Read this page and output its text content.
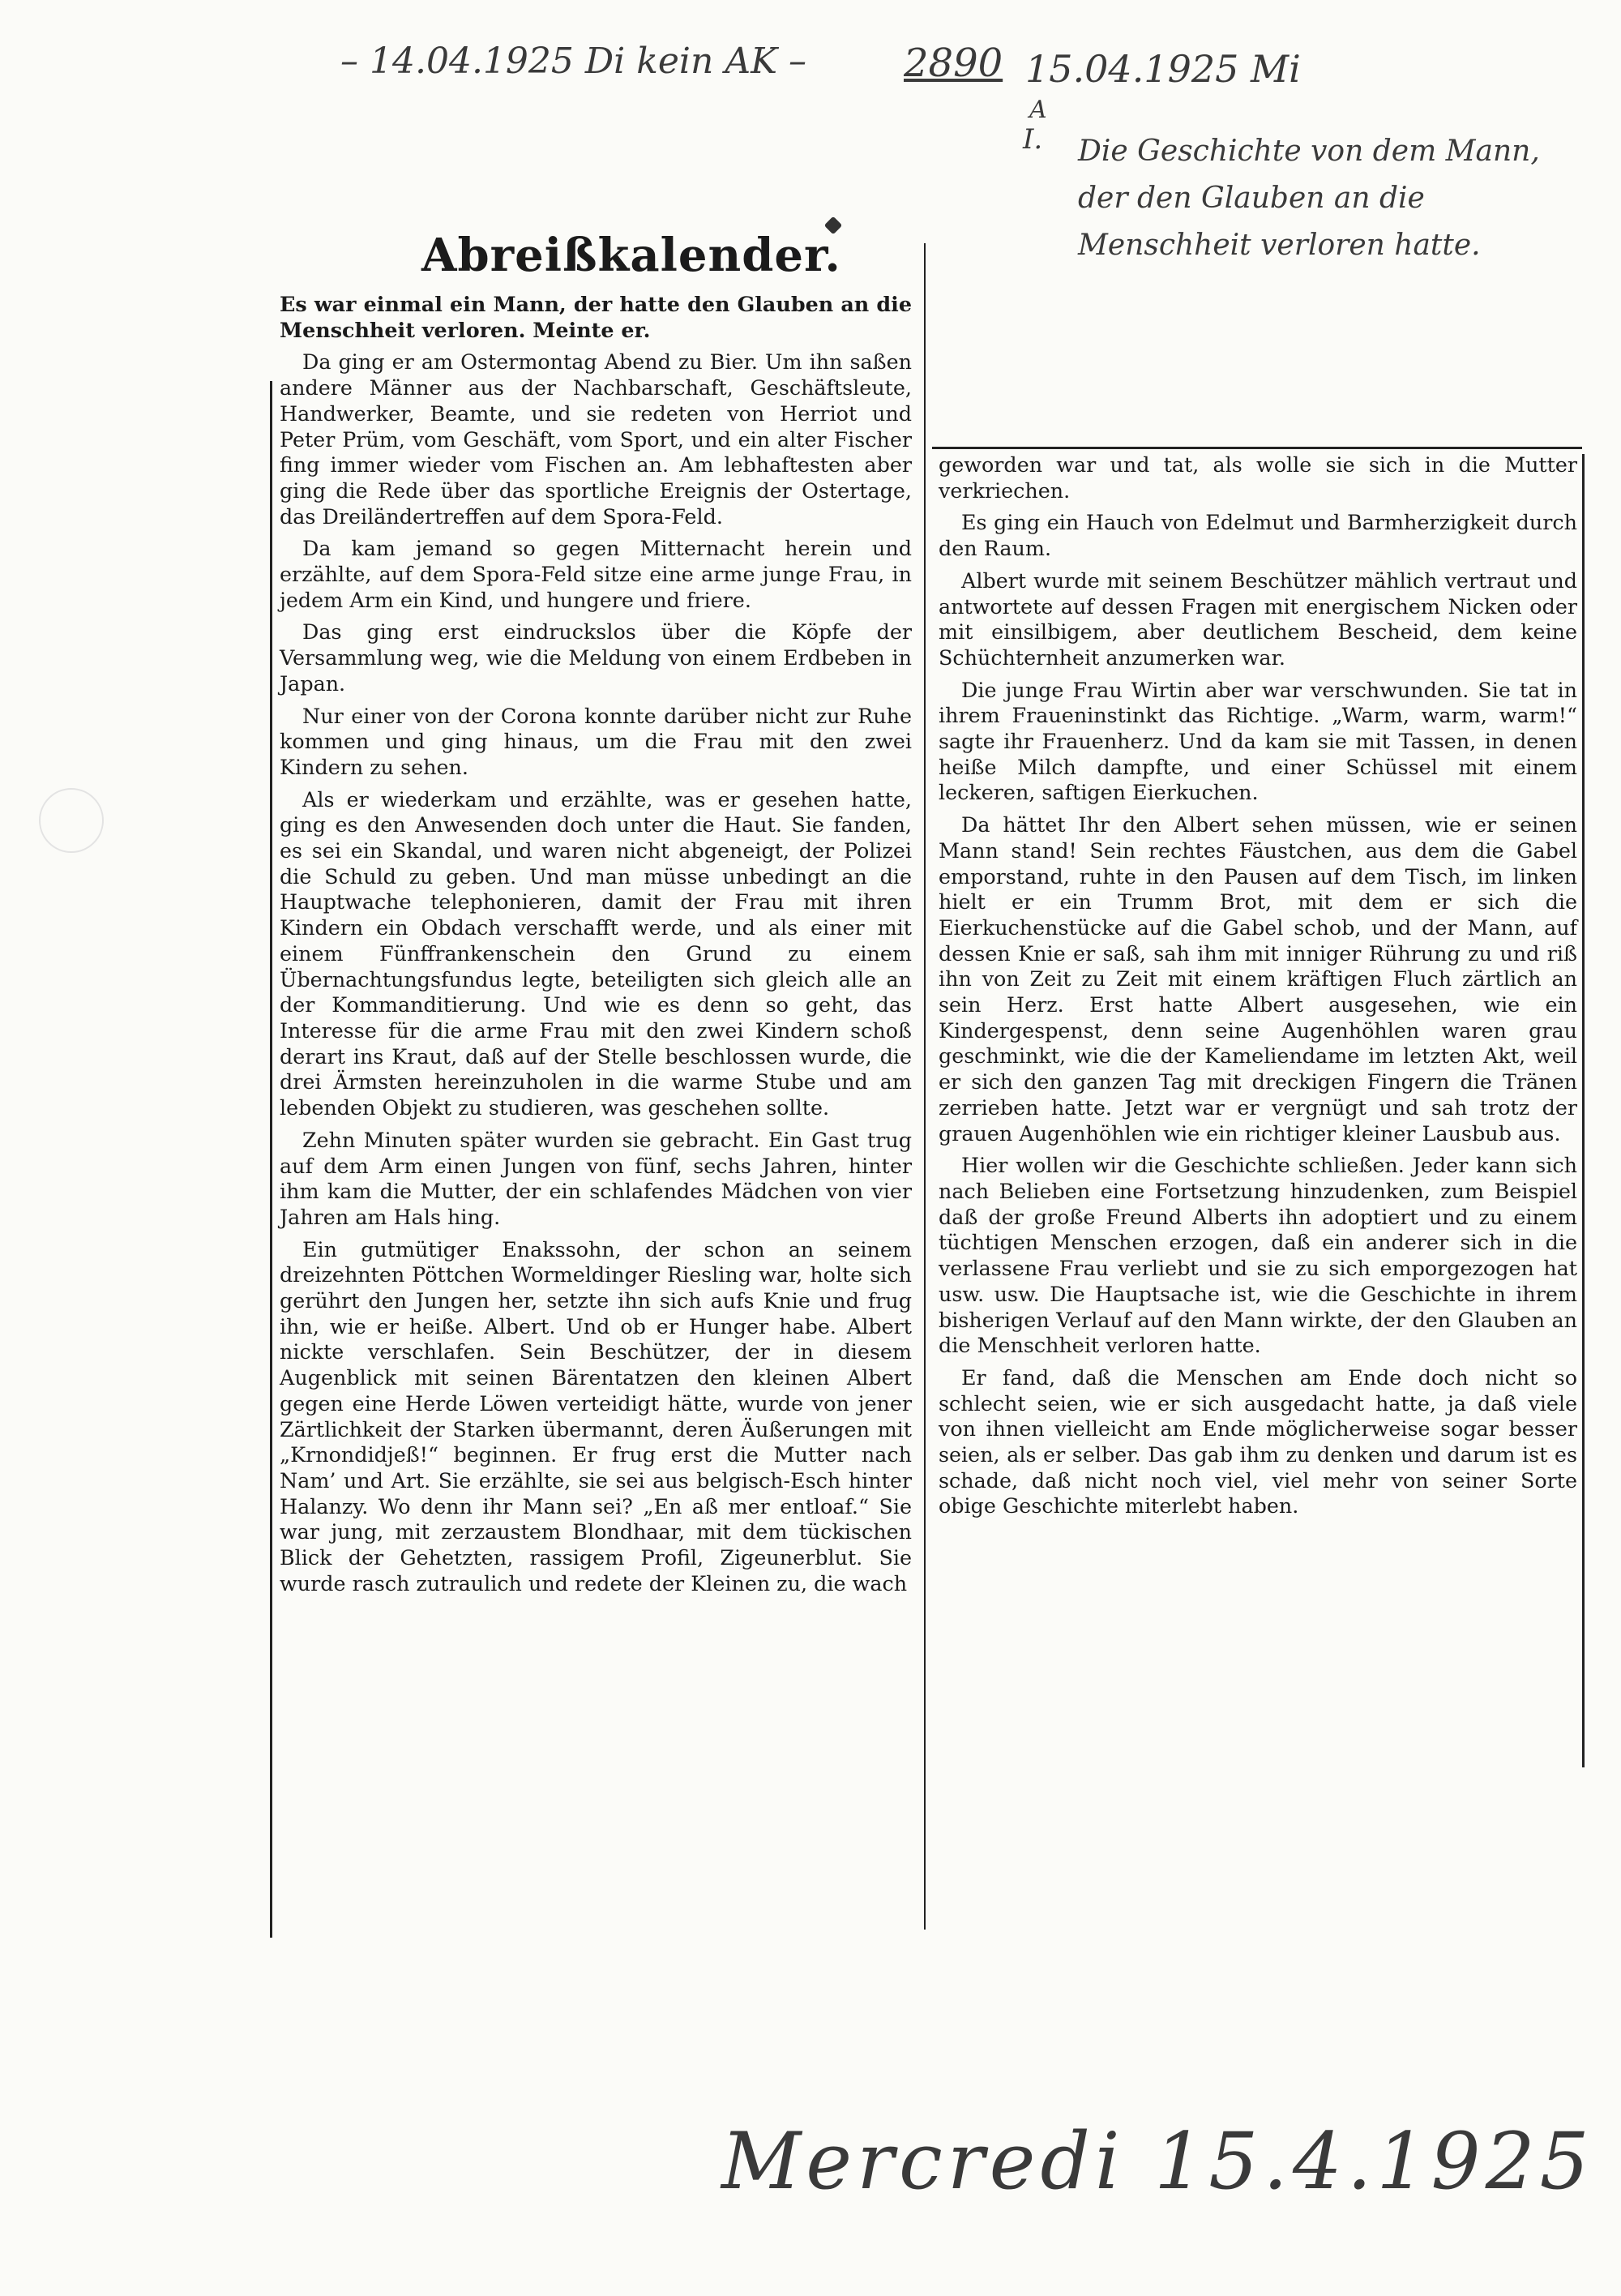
– 14.04.1925 Di kein AK –	2890 15.04.1925 Mi
A
I. Die Geschichte von dem Mann, der den Glauben an die Menschheit verloren hatte.
Mercredi 15.4.1925
Abreißkalender.

Es war einmal ein Mann, der hatte den Glauben an die Menschheit verloren. Meinte er.

Da ging er am Ostermontag Abend zu Bier. Um ihn saßen andere Männer aus der Nachbarschaft, Geschäftsleute, Handwerker, Beamte, und sie redeten von Herriot und Peter Prüm, vom Geschäft, vom Sport, und ein alter Fischer fing immer wieder vom Fischen an. Am lebhaftesten aber ging die Rede über das sportliche Ereignis der Ostertage, das Dreiländertreffen auf dem Spora-Feld.

Da kam jemand so gegen Mitternacht herein und erzählte, auf dem Spora-Feld sitze eine arme junge Frau, in jedem Arm ein Kind, und hungere und friere.

Das ging erst eindruckslos über die Köpfe der Versammlung weg, wie die Meldung von einem Erdbeben in Japan.

Nur einer von der Corona konnte darüber nicht zur Ruhe kommen und ging hinaus, um die Frau mit den zwei Kindern zu sehen.

Als er wiederkam und erzählte, was er gesehen hatte, ging es den Anwesenden doch unter die Haut. Sie fanden, es sei ein Skandal, und waren nicht abgeneigt, der Polizei die Schuld zu geben. Und man müsse unbedingt an die Hauptwache telephonieren, damit der Frau mit ihren Kindern ein Obdach verschafft werde, und als einer mit einem Fünffrankenschein den Grund zu einem Übernachtungsfundus legte, beteiligten sich gleich alle an der Kommanditierung. Und wie es denn so geht, das Interesse für die arme Frau mit den zwei Kindern schoß derart ins Kraut, daß auf der Stelle beschlossen wurde, die drei Ärmsten hereinzuholen in die warme Stube und am lebenden Objekt zu studieren, was geschehen sollte.

Zehn Minuten später wurden sie gebracht. Ein Gast trug auf dem Arm einen Jungen von fünf, sechs Jahren, hinter ihm kam die Mutter, der ein schlafendes Mädchen von vier Jahren am Hals hing.

Ein gutmütiger Enakssohn, der schon an seinem dreizehnten Pöttchen Wormeldinger Riesling war, holte sich gerührt den Jungen her, setzte ihn sich aufs Knie und frug ihn, wie er heiße. Albert. Und ob er Hunger habe. Albert nickte verschlafen. Sein Beschützer, der in diesem Augenblick mit seinen Bärentatzen den kleinen Albert gegen eine Herde Löwen verteidigt hätte, wurde von jener Zärtlichkeit der Starken übermannt, deren Äußerungen mit „Krnondidjeß!“ beginnen. Er frug erst die Mutter nach Nam’ und Art. Sie erzählte, sie sei aus belgisch-Esch hinter Halanzy. Wo denn ihr Mann sei? „En aß mer entloaf.“ Sie war jung, mit zerzaustem Blondhaar, mit dem tückischen Blick der Gehetzten, rassigem Profil, Zigeunerblut. Sie wurde rasch zutraulich und redete der Kleinen zu, die wach

geworden war und tat, als wolle sie sich in die Mutter verkriechen.

Es ging ein Hauch von Edelmut und Barmherzigkeit durch den Raum.

Albert wurde mit seinem Beschützer mählich vertraut und antwortete auf dessen Fragen mit energischem Nicken oder mit einsilbigem, aber deutlichem Bescheid, dem keine Schüchternheit anzumerken war.

Die junge Frau Wirtin aber war verschwunden. Sie tat in ihrem Fraueninstinkt das Richtige. „Warm, warm, warm!“ sagte ihr Frauenherz. Und da kam sie mit Tassen, in denen heiße Milch dampfte, und einer Schüssel mit einem leckeren, saftigen Eierkuchen.

Da hättet Ihr den Albert sehen müssen, wie er seinen Mann stand! Sein rechtes Fäustchen, aus dem die Gabel emporstand, ruhte in den Pausen auf dem Tisch, im linken hielt er ein Trumm Brot, mit dem er sich die Eierkuchenstücke auf die Gabel schob, und der Mann, auf dessen Knie er saß, sah ihm mit inniger Rührung zu und riß ihn von Zeit zu Zeit mit einem kräftigen Fluch zärtlich an sein Herz. Erst hatte Albert ausgesehen, wie ein Kindergespenst, denn seine Augenhöhlen waren grau geschminkt, wie die der Kameliendame im letzten Akt, weil er sich den ganzen Tag mit dreckigen Fingern die Tränen zerrieben hatte. Jetzt war er vergnügt und sah trotz der grauen Augenhöhlen wie ein richtiger kleiner Lausbub aus.

Hier wollen wir die Geschichte schließen. Jeder kann sich nach Belieben eine Fortsetzung hinzudenken, zum Beispiel daß der große Freund Alberts ihn adoptiert und zu einem tüchtigen Menschen erzogen, daß ein anderer sich in die verlassene Frau verliebt und sie zu sich emporgezogen hat usw. usw. Die Hauptsache ist, wie die Geschichte in ihrem bisherigen Verlauf auf den Mann wirkte, der den Glauben an die Menschheit verloren hatte.

Er fand, daß die Menschen am Ende doch nicht so schlecht seien, wie er sich ausgedacht hatte, ja daß viele von ihnen vielleicht am Ende möglicherweise sogar besser seien, als er selber. Das gab ihm zu denken und darum ist es schade, daß nicht noch viel, viel mehr von seiner Sorte obige Geschichte miterlebt haben.
